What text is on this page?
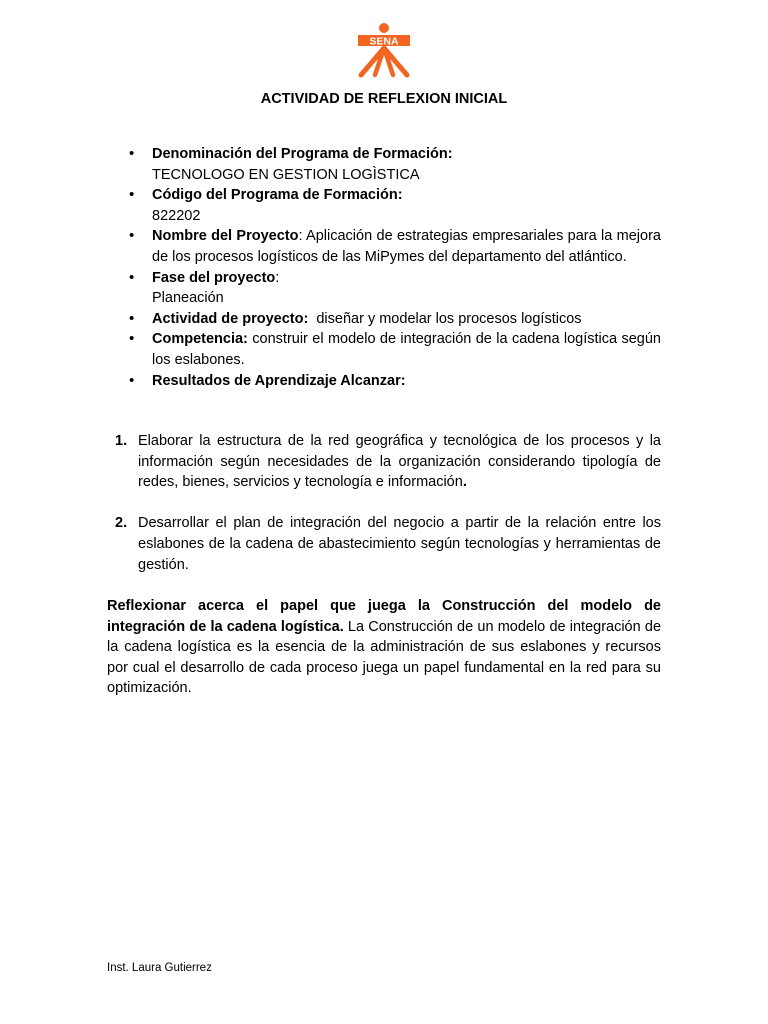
SENA
ACTIVIDAD DE REFLEXION INICIAL
• Denominación del Programa de Formación:
TECNOLOGO EN GESTION LOGÌSTICA
• Código del Programa de Formación:
822202
• Nombre del Proyecto: Aplicación de estrategias empresariales para la mejora de los procesos logísticos de las MiPymes del departamento del atlántico.
• Fase del proyecto:
Planeación
• Actividad de proyecto:  diseñar y modelar los procesos logísticos
• Competencia: construir el modelo de integración de la cadena logística según los eslabones.
• Resultados de Aprendizaje Alcanzar:
1. Elaborar la estructura de la red geográfica y tecnológica de los procesos y la información según necesidades de la organización considerando tipología de redes, bienes, servicios y tecnología e información.
2. Desarrollar el plan de integración del negocio a partir de la relación entre los eslabones de la cadena de abastecimiento según tecnologías y herramientas de gestión.

Reflexionar acerca el papel que juega la Construcción del modelo de integración de la cadena logística. La Construcción de un modelo de integración de la cadena logística es la esencia de la administración de sus eslabones y recursos por cual el desarrollo de cada proceso juega un papel fundamental en la red para su optimización.

Inst. Laura Gutierrez
